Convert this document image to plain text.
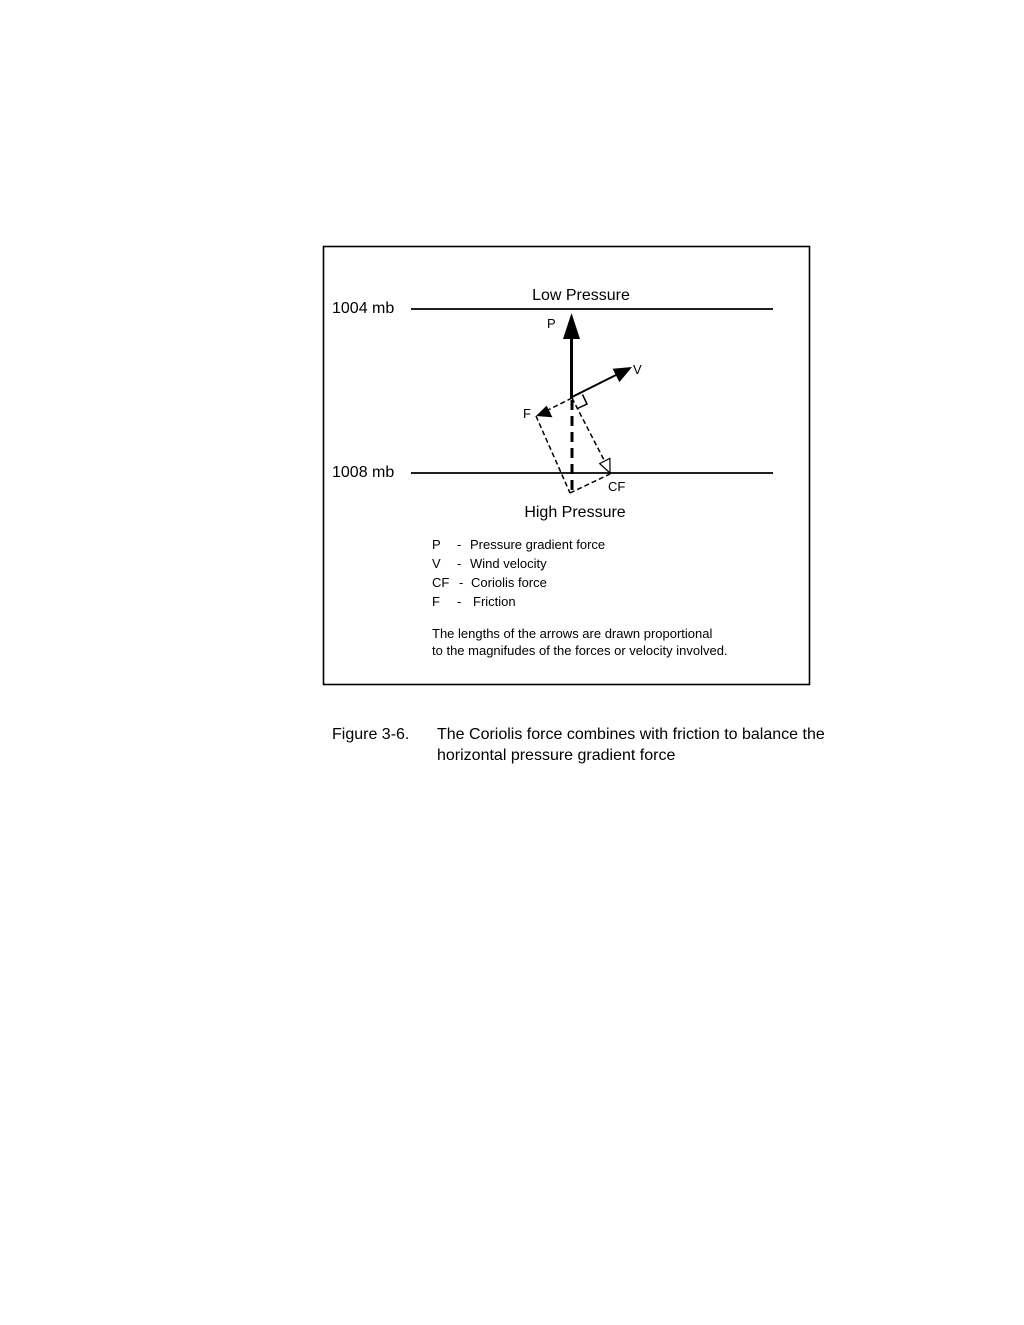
1004 mb
1008 mb
Low Pressure
High Pressure
P
V
F
CF
P - Pressure gradient force
V - Wind velocity
CF - Coriolis force
F - Friction
The lengths of the arrows are drawn proportional
to the magnifudes of the forces or velocity involved.
Figure 3-6. The Coriolis force combines with friction to balance the horizontal pressure gradient force
